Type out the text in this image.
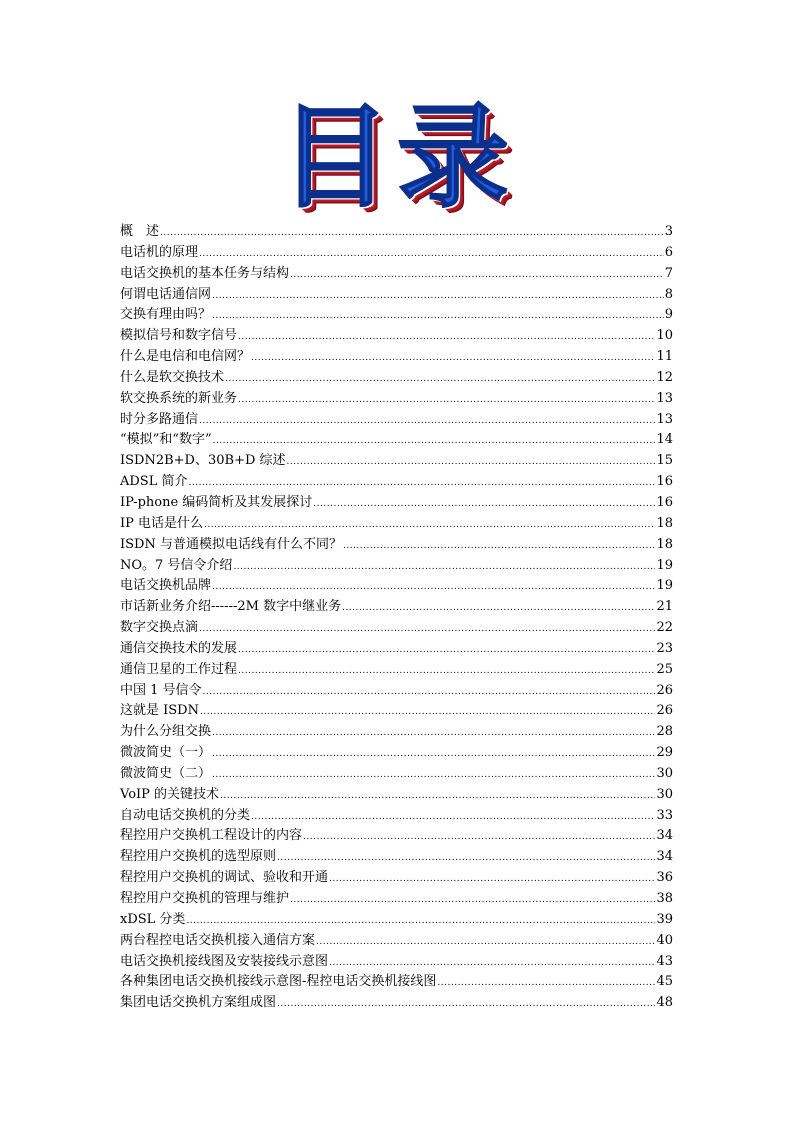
目录
概　述 .....	3
电话机的原理 .....	6
电话交换机的基本任务与结构 .....	7
何谓电话通信网 .....	8
交换有理由吗？ .....	9
模拟信号和数字信号 .....	10
什么是电信和电信网？ .....	11
什么是软交换技术 .....	12
软交换系统的新业务 .....	13
时分多路通信 .....	13
“模拟”和“数字” .....	14
ISDN2B+D、30B+D 综述 .....	15
ADSL 简介 .....	16
IP-phone 编码简析及其发展探讨 .....	16
IP 电话是什么 .....	18
ISDN 与普通模拟电话线有什么不同？ .....	18
NO。7 号信令介绍 .....	19
电话交换机品牌 .....	19
市话新业务介绍------2M 数字中继业务 .....	21
数字交换点滴 .....	22
通信交换技术的发展 .....	23
通信卫星的工作过程 .....	25
中国 1 号信令 .....	26
这就是 ISDN .....	26
为什么分组交换 .....	28
微波简史（一） .....	29
微波简史（二） .....	30
VoIP 的关键技术 .....	30
自动电话交换机的分类 .....	33
程控用户交换机工程设计的内容 .....	34
程控用户交换机的选型原则 .....	34
程控用户交换机的调试、验收和开通 .....	36
程控用户交换机的管理与维护 .....	38
xDSL 分类 .....	39
两台程控电话交换机接入通信方案 .....	40
电话交换机接线图及安装接线示意图 .....	43
各种集团电话交换机接线示意图-程控电话交换机接线图 .....	45
集团电话交换机方案组成图 .....	48
